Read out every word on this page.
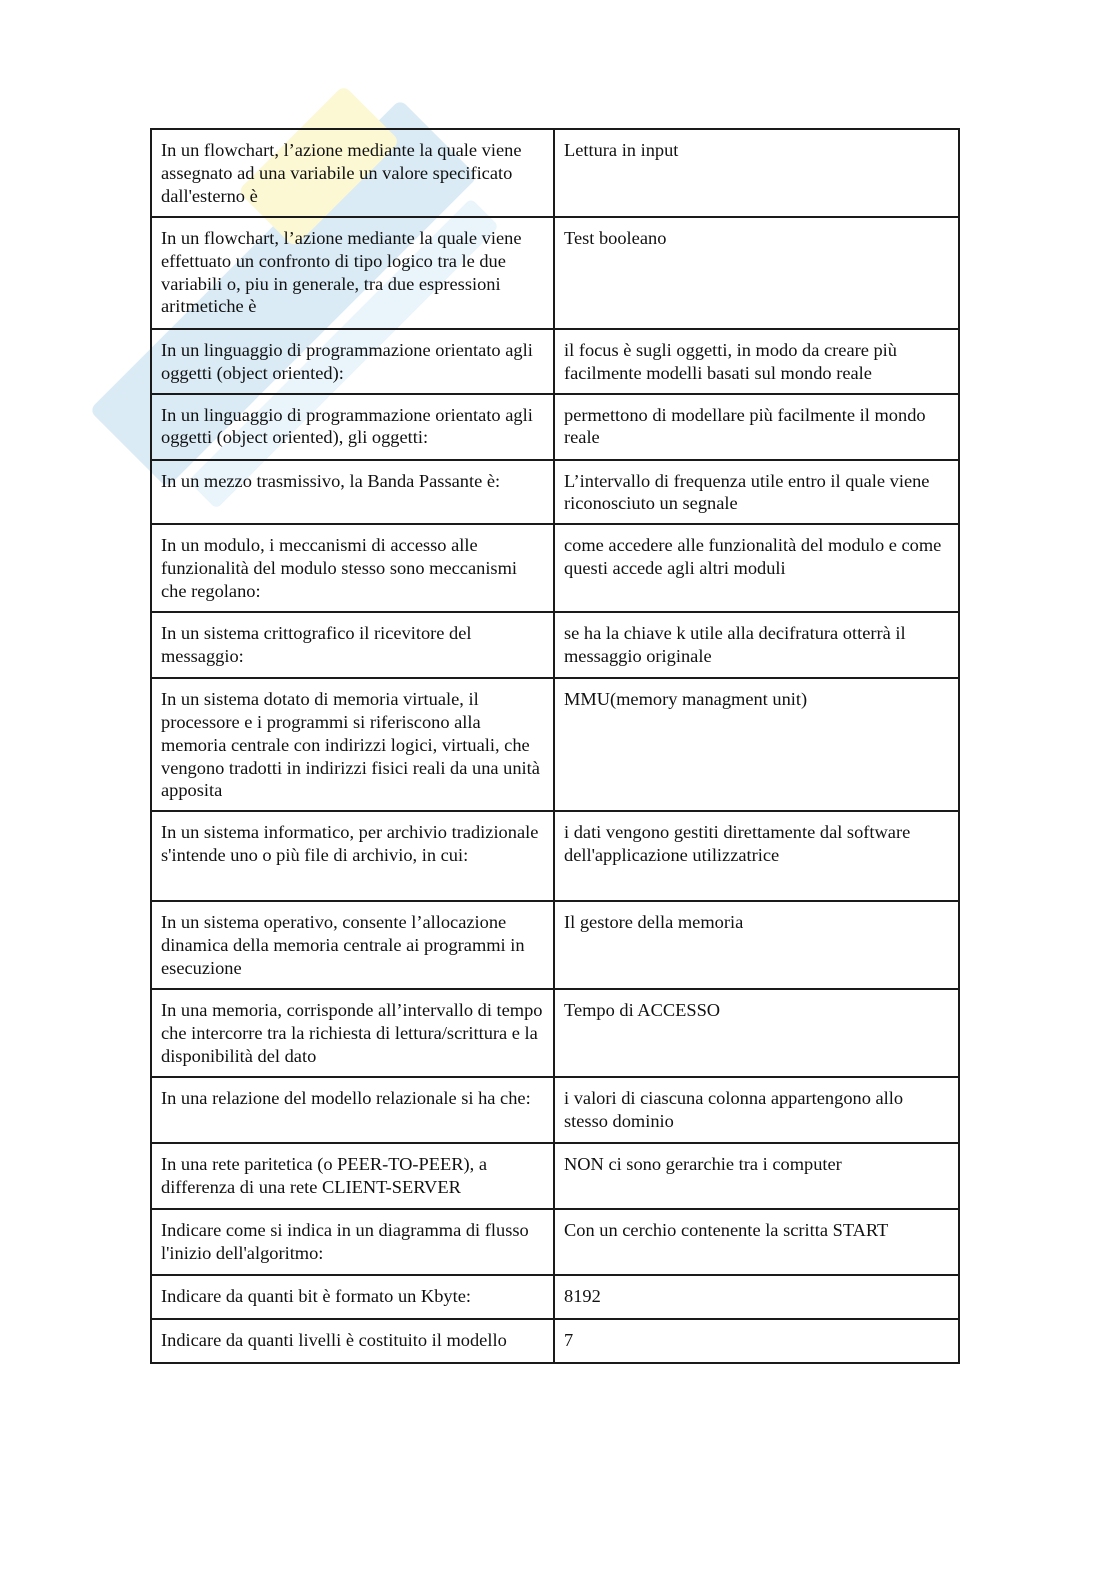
In un flowchart, l’azione mediante la quale viene assegnato ad una variabile un valore specificato dall'esterno è	Lettura in input
In un flowchart, l’azione mediante la quale viene effettuato un confronto di tipo logico tra le due variabili o, piu in generale, tra due espressioni aritmetiche è	Test booleano
In un linguaggio di programmazione orientato agli oggetti (object oriented):	il focus è sugli oggetti, in modo da creare più facilmente modelli basati sul mondo reale
In un linguaggio di programmazione orientato agli oggetti (object oriented), gli oggetti:	permettono di modellare più facilmente il mondo reale
In un mezzo trasmissivo, la Banda Passante è:	L’intervallo di frequenza utile entro il quale viene riconosciuto un segnale
In un modulo, i meccanismi di accesso alle funzionalità del modulo stesso sono meccanismi che regolano:	come accedere alle funzionalità del modulo e come questi accede agli altri moduli
In un sistema crittografico il ricevitore del messaggio:	se ha la chiave k utile alla decifratura otterrà il messaggio originale
In un sistema dotato di memoria virtuale, il processore e i programmi si riferiscono alla memoria centrale con indirizzi logici, virtuali, che vengono tradotti in indirizzi fisici reali da una unità apposita	MMU(memory managment unit)
In un sistema informatico, per archivio tradizionale s'intende uno o più file di archivio, in cui:	i dati vengono gestiti direttamente dal software dell'applicazione utilizzatrice
In un sistema operativo, consente l’allocazione dinamica della memoria centrale ai programmi in esecuzione	Il gestore della memoria
In una memoria, corrisponde all’intervallo di tempo che intercorre tra la richiesta di lettura/scrittura e la disponibilità del dato	Tempo di ACCESSO
In una relazione del modello relazionale si ha che:	i valori di ciascuna colonna appartengono allo stesso dominio
In una rete paritetica (o PEER-TO-PEER), a differenza di una rete CLIENT-SERVER	NON ci sono gerarchie tra i computer
Indicare come si indica in un diagramma di flusso l'inizio dell'algoritmo:	Con un cerchio contenente la scritta START
Indicare da quanti bit è formato un Kbyte:	8192
Indicare da quanti livelli è costituito il modello	7
